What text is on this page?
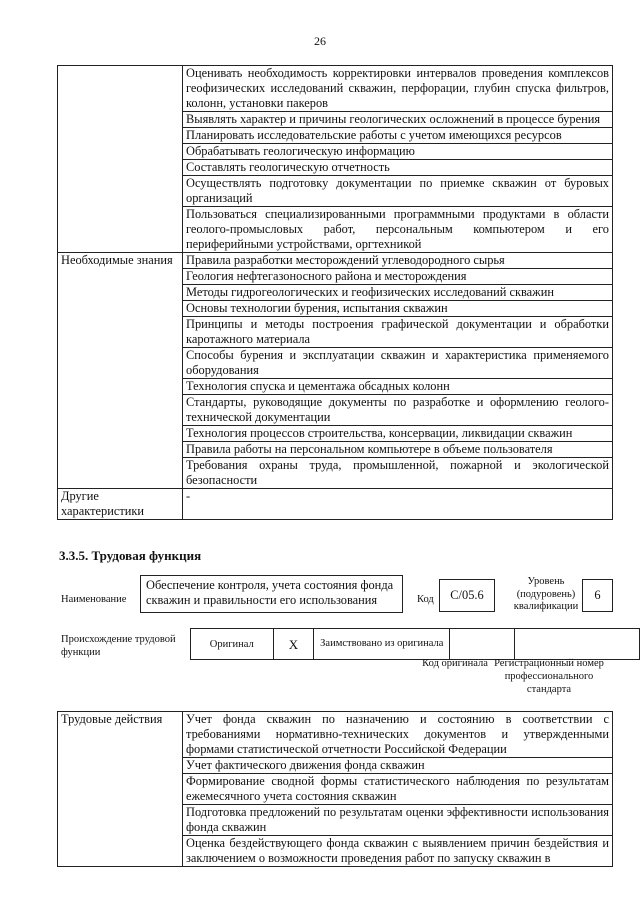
26
	Оценивать необходимость корректировки интервалов проведения комплексов геофизических исследований скважин, перфорации, глубин спуска фильтров, колонн, установки пакеров
	Выявлять характер и причины геологических осложнений в процессе бурения
	Планировать исследовательские работы с учетом имеющихся ресурсов
	Обрабатывать геологическую информацию
	Составлять геологическую отчетность
	Осуществлять подготовку документации по приемке скважин от буровых организаций
	Пользоваться специализированными программными продуктами в области геолого-промысловых работ, персональным компьютером и его периферийными устройствами, оргтехникой
Необходимые знания	Правила разработки месторождений углеводородного сырья
	Геология нефтегазоносного района и месторождения
	Методы гидрогеологических и геофизических исследований скважин
	Основы технологии бурения, испытания скважин
	Принципы и методы построения графической документации и обработки каротажного материала
	Способы бурения и эксплуатации скважин и характеристика применяемого оборудования
	Технология спуска и цементажа обсадных колонн
	Стандарты, руководящие документы по разработке и оформлению геолого-технической документации
	Технология процессов строительства, консервации, ликвидации скважин
	Правила работы на персональном компьютере в объеме пользователя
	Требования охраны труда, промышленной, пожарной и экологической безопасности
Другие характеристики	-
3.3.5. Трудовая функция
Наименование
Обеспечение контроля, учета состояния фонда скважин и правильности его использования	Код	С/05.6
Уровень (подуровень) квалификации
6
Происхождение трудовой функции
Оригинал	X	Заимствовано из оригинала		
Код оригинала Регистрационный номер профессионального стандарта
Трудовые действия	Учет фонда скважин по назначению и состоянию в соответствии с требованиями нормативно-технических документов и утвержденными формами статистической отчетности Российской Федерации
Учет фактического движения фонда скважин
Формирование сводной формы статистического наблюдения по результатам ежемесячного учета состояния скважин
Подготовка предложений по результатам оценки эффективности использования фонда скважин
Оценка бездействующего фонда скважин с выявлением причин бездействия и заключением о возможности проведения работ по запуску скважин в
